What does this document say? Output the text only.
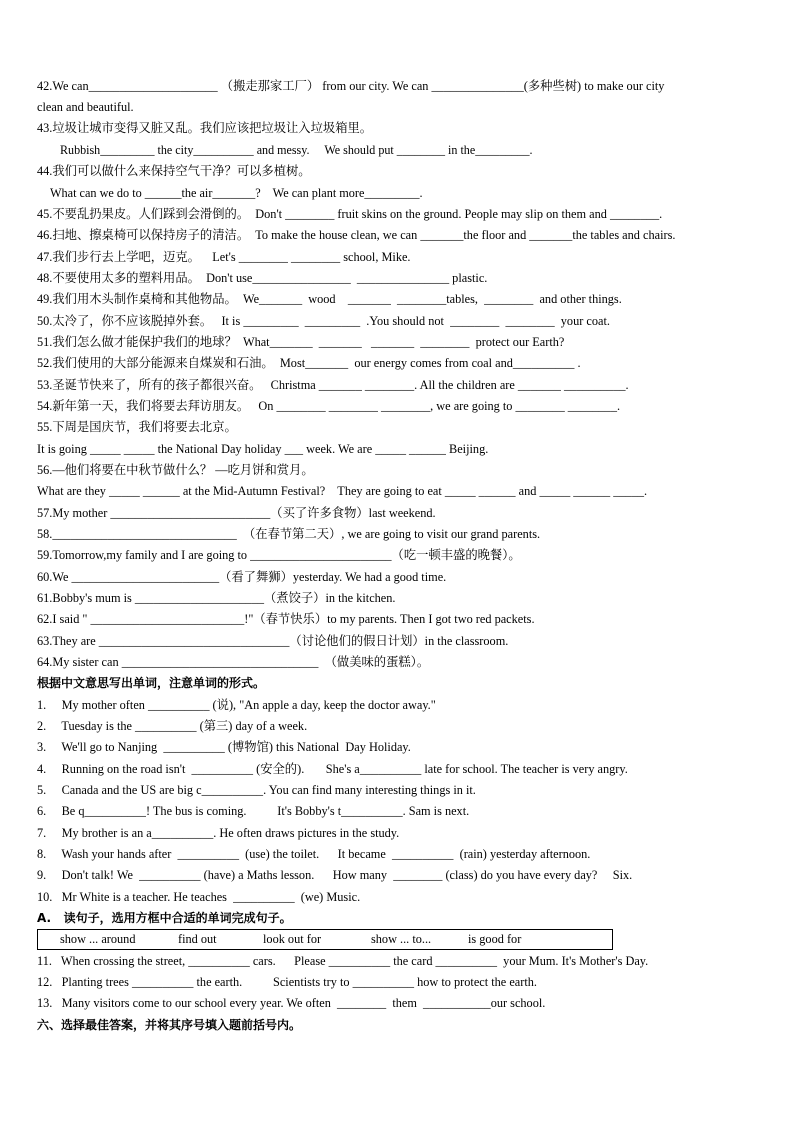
42.We can_____________________ （搬走那家工厂） from our city. We can _______________(多种些树) to make our city
clean and beautiful.
43.垃圾让城市变得又脏又乱。我们应该把垃圾让入垃圾箱里。
Rubbish_________ the city__________ and messy.     We should put ________ in the_________.
44.我们可以做什么来保持空气干净？可以多植树。
What can we do to ______the air_______?    We can plant more_________.
45.不要乱扔果皮。人们踩到会滑倒的。  Don't ________ fruit skins on the ground. People may slip on them and ________.
46.扫地、擦桌椅可以保持房子的清洁。  To make the house clean, we can _______the floor and _______the tables and chairs.
47.我们步行去上学吧，迈克。    Let's ________ ________ school, Mike.
48.不要使用太多的塑料用品。  Don't use________________  _______________ plastic.
49.我们用木头制作桌椅和其他物品。  We_______  wood    _______  ________tables,  ________  and other things.
50.太冷了，你不应该脱掉外套。   It is _________  _________  .You should not  ________  ________  your coat.
51.我们怎么做才能保护我们的地球？  What_______  _______   _______  ________  protect our Earth?
52.我们使用的大部分能源来自煤炭和石油。  Most_______  our energy comes from coal and__________ .
53.圣诞节快来了，所有的孩子都很兴奋。   Christma _______ ________. All the children are _______ __________.
54.新年第一天，我们将要去拜访朋友。   On ________ ________ ________, we are going to ________ ________.
55.下周是国庆节，我们将要去北京。
It is going _____ _____ the National Day holiday ___ week. We are _____ ______ Beijing.
56.—他们将要在中秋节做什么？ —吃月饼和赏月。
What are they _____ ______ at the Mid-Autumn Festival?    They are going to eat _____ ______ and _____ ______ _____.
57.My mother __________________________（买了许多食物）last weekend.
58.______________________________  （在春节第二天）, we are going to visit our grand parents.
59.Tomorrow,my family and I are going to _______________________（吃一顿丰盛的晚餐）。
60.We ________________________（看了舞狮）yesterday. We had a good time.
61.Bobby's mum is _____________________（煮饺子）in the kitchen.
62.I said " _________________________!"（春节快乐）to my parents. Then I got two red packets.
63.They are _______________________________（讨论他们的假日计划）in the classroom.
64.My sister can ________________________________  （做美味的蛋糕）。
根据中文意思写出单词，注意单词的形式。
1.     My mother often __________ (说), "An apple a day, keep the doctor away."
2.     Tuesday is the __________ (第三) day of a week.
3.     We'll go to Nanjing  __________ (博物馆) this National  Day Holiday.
4.     Running on the road isn't  __________ (安全的).       She's a__________ late for school. The teacher is very angry.
5.     Canada and the US are big c__________. You can find many interesting things in it.
6.     Be q__________! The bus is coming.          It's Bobby's t__________. Sam is next.
7.     My brother is an a__________. He often draws pictures in the study.
8.     Wash your hands after  __________  (use) the toilet.      It became  __________  (rain) yesterday afternoon.
9.     Don't talk! We  __________ (have) a Maths lesson.      How many  ________ (class) do you have every day?     Six.
10.   Mr White is a teacher. He teaches  __________  (we) Music.
A.   读句子，选用方框中合适的单词完成句子。
show ... around	find out	look out for	show ... to...	is good for
11.   When crossing the street, __________ cars.      Please __________ the card __________  your Mum. It's Mother's Day.
12.   Planting trees __________ the earth.          Scientists try to __________ how to protect the earth.
13.   Many visitors come to our school every year. We often  ________  them  ___________our school.
六、选择最佳答案，并将其序号填入题前括号内。
